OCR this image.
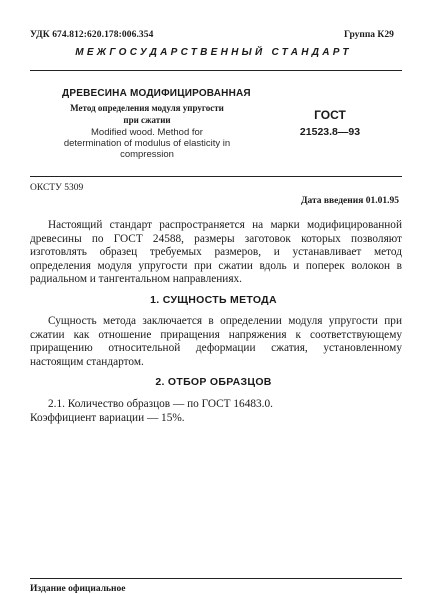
УДК 674.812:620.178:006.354	Группа К29
МЕЖГОСУДАРСТВЕННЫЙ СТАНДАРТ
ДРЕВЕСИНА МОДИФИЦИРОВАННАЯ
Метод определения модуля упругости при сжатии
Modified wood. Method for determination of modulus of elasticity in compression
ГОСТ
21523.8—93
ОКСТУ 5309
Дата введения 01.01.95

Настоящий стандарт распространяется на марки модифицированной древесины по ГОСТ 24588, размеры заготовок которых позволяют изготовлять образец требуемых размеров, и устанавливает метод определения модуля упругости при сжатии вдоль и поперек волокон в радиальном и тангентальном направлениях.

1. СУЩНОСТЬ МЕТОДА

Сущность метода заключается в определении модуля упругости при сжатии как отношение приращения напряжения к соответствующему приращению относительной деформации сжатия, установленному настоящим стандартом.

2. ОТБОР ОБРАЗЦОВ
2.1. Количество образцов — по ГОСТ 16483.0.
Коэффициент вариации — 15%.
Издание официальное
